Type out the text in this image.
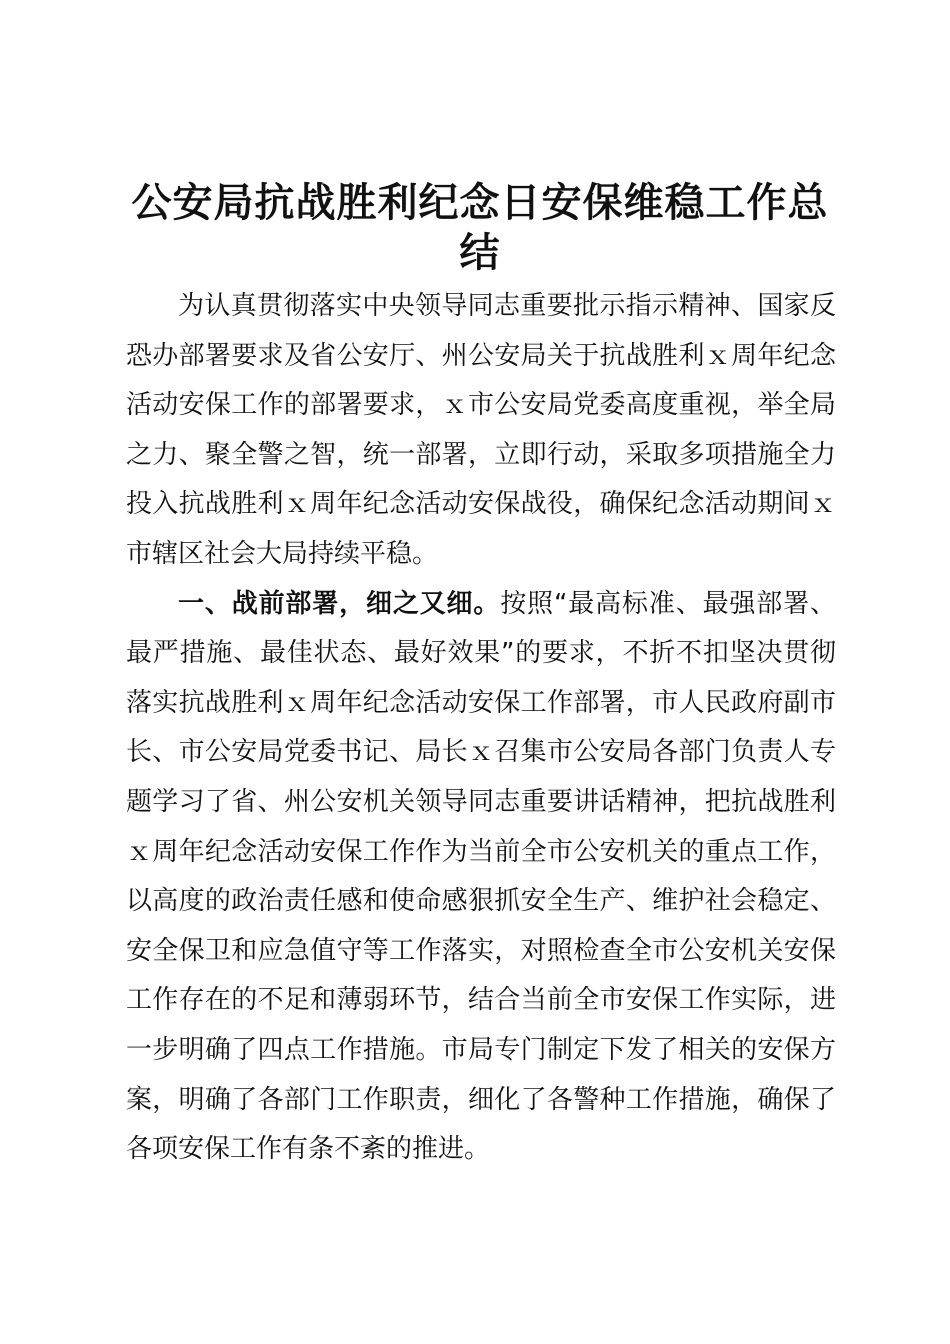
公安局抗战胜利纪念日安保维稳工作总结

为认真贯彻落实中央领导同志重要批示指示精神、国家反恐办部署要求及省公安厅、州公安局关于抗战胜利ｘ周年纪念活动安保工作的部署要求，ｘ市公安局党委高度重视，举全局之力、聚全警之智，统一部署，立即行动，采取多项措施全力投入抗战胜利ｘ周年纪念活动安保战役，确保纪念活动期间ｘ市辖区社会大局持续平稳。

一、战前部署，细之又细。按照“最高标准、最强部署、最严措施、最佳状态、最好效果”的要求，不折不扣坚决贯彻落实抗战胜利ｘ周年纪念活动安保工作部署，市人民政府副市长、市公安局党委书记、局长ｘ召集市公安局各部门负责人专题学习了省、州公安机关领导同志重要讲话精神，把抗战胜利ｘ周年纪念活动安保工作作为当前全市公安机关的重点工作，以高度的政治责任感和使命感狠抓安全生产、维护社会稳定、安全保卫和应急值守等工作落实，对照检查全市公安机关安保工作存在的不足和薄弱环节，结合当前全市安保工作实际，进一步明确了四点工作措施。市局专门制定下发了相关的安保方案，明确了各部门工作职责，细化了各警种工作措施，确保了各项安保工作有条不紊的推进。
